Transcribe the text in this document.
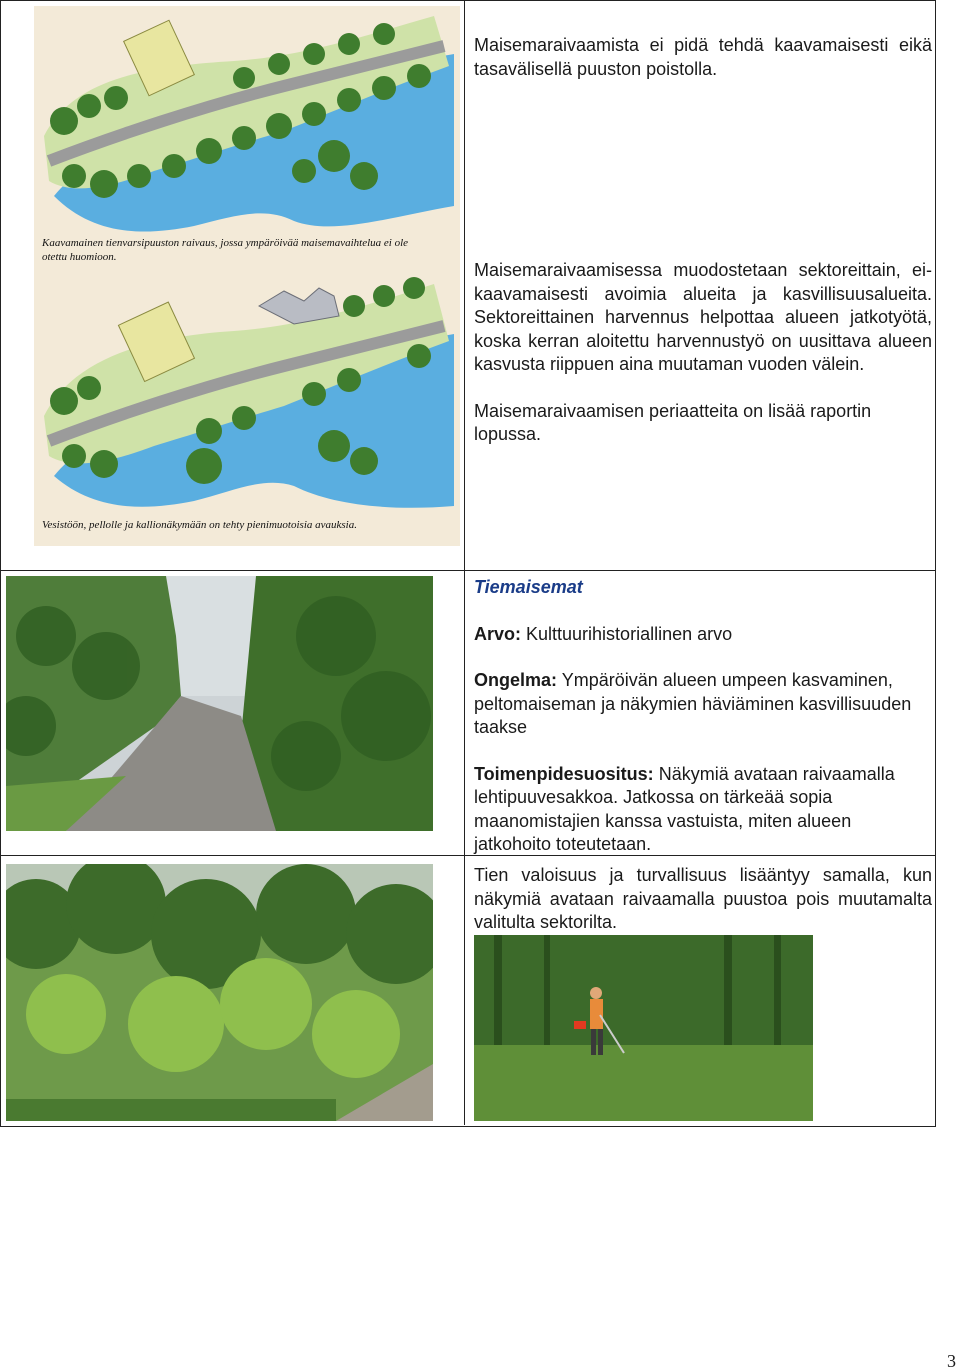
Kaavamainen tienvarsipuuston raivaus, jossa ympäröivää maisemavaihtelua ei ole
otettu huomioon.
Vesistöön, pellolle ja kallionäkymään on tehty pienimuotoisia avauksia.

Maisemaraivaamista ei pidä tehdä kaavamaisesti eikä tasavälisellä puuston poistolla.

Maisemaraivaamisessa muodostetaan sektoreittain, ei-kaavamaisesti avoimia alueita ja kasvillisuusalueita. Sektoreittainen harvennus helpottaa alueen jatkotyötä, koska kerran aloitettu harvennustyö on uusittava alueen kasvusta riippuen aina muutaman vuoden välein.

Maisemaraivaamisen periaatteita on lisää raportin lopussa.

Tiemaisemat

Arvo: Kulttuurihistoriallinen arvo

Ongelma: Ympäröivän alueen umpeen kasvaminen, peltomaiseman ja näkymien häviäminen kasvillisuuden taakse

Toimenpidesuositus: Näkymiä avataan raivaamalla lehtipuuvesakkoa. Jatkossa on tärkeää sopia maanomistajien kanssa vastuista, miten alueen jatkohoito toteutetaan.

Tien valoisuus ja turvallisuus lisääntyy samalla, kun näkymiä avataan raivaamalla puustoa pois muutamalta valitulta sektorilta.

3
